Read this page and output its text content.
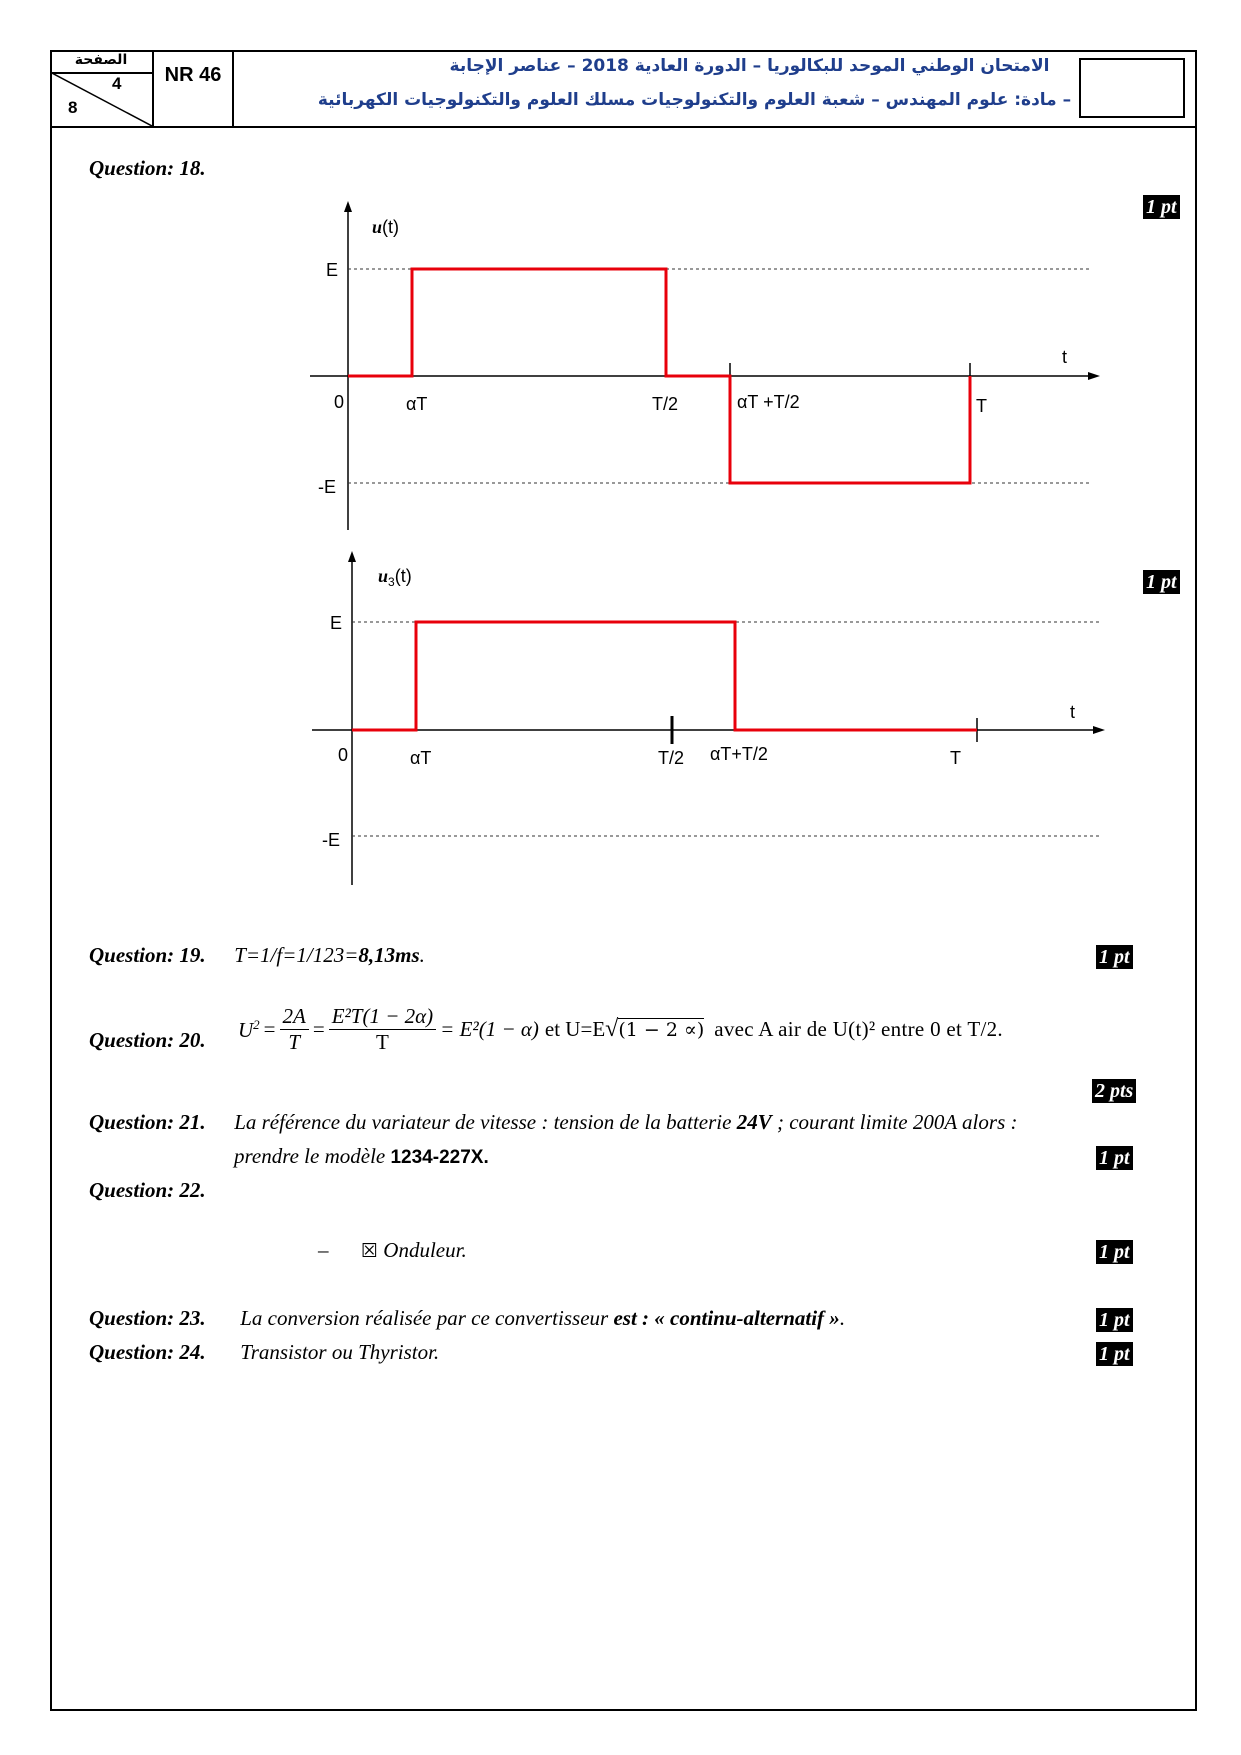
الصفحة
4
8
NR 46	الامتحان الوطني الموحد للبكالوريا – الدورة العادية 2018 – عناصر الإجابة
– مادة: علوم المهندس – شعبة العلوم والتكنولوجيات مسلك العلوم والتكنولوجيات الكهربائية
Question: 18.
1 pt
u(t)
E
-E
0
t
αT	T/2	αT +T/2	T
1 pt
$u_3(t)$
E
-E
0
t
αT	T/2 αT+T/2	T
Question: 19. T=1/f=1/123=8,13ms.	1 pt
Question: 20. $U^2 = \frac{2A}{T} = \frac{\text{E²T(1 − 2α)}}{T} = E^2(1 - \alpha)$ et U=E √ (1 − 2 ∝) avec A air de U(t)² entre 0 et T/2.
2 pts
Question: 21. La référence du variateur de vitesse : tension de la batterie 24V ; courant limite 200A alors :
prendre le modèle 1234-227X.	1 pt
Question: 22.
– ☒ Onduleur.	1 pt
Question: 23. La conversion réalisée par ce convertisseur est : « continu-alternatif ».	1 pt
Question: 24. Transistor ou Thyristor.	1 pt
